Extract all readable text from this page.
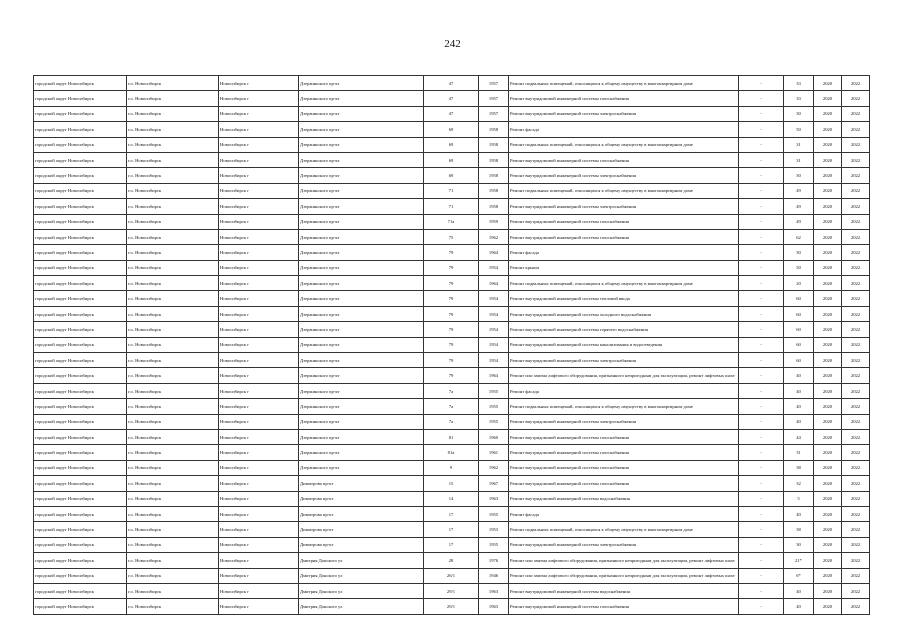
242
городской округ Новосибирск	г.о. Новосибирск	Новосибирск г	Дзержинского пр-кт	47	1957	Ремонт подвальных помещений, относящихся к общему имуществу в многоквартирном доме	-	33	2020	2022
городской округ Новосибирск	г.о. Новосибирск	Новосибирск г	Дзержинского пр-кт	47	1957	Ремонт внутридомовой инженерной системы газоснабжения	-	33	2020	2022
городской округ Новосибирск	г.о. Новосибирск	Новосибирск г	Дзержинского пр-кт	47	1957	Ремонт внутридомовой инженерной системы электроснабжения	-	30	2020	2022
городской округ Новосибирск	г.о. Новосибирск	Новосибирск г	Дзержинского пр-кт	69	1958	Ремонт фасада	-	50	2020	2022
городской округ Новосибирск	г.о. Новосибирск	Новосибирск г	Дзержинского пр-кт	69	1958	Ремонт подвальных помещений, относящихся к общему имуществу в многоквартирном доме	-	31	2020	2022
городской округ Новосибирск	г.о. Новосибирск	Новосибирск г	Дзержинского пр-кт	69	1958	Ремонт внутридомовой инженерной системы газоснабжения	-	31	2020	2022
городской округ Новосибирск	г.о. Новосибирск	Новосибирск г	Дзержинского пр-кт	69	1958	Ремонт внутридомовой инженерной системы электроснабжения	-	30	2020	2022
городской округ Новосибирск	г.о. Новосибирск	Новосибирск г	Дзержинского пр-кт	71	1958	Ремонт подвальных помещений, относящихся к общему имуществу в многоквартирном доме	-	49	2020	2022
городской округ Новосибирск	г.о. Новосибирск	Новосибирск г	Дзержинского пр-кт	71	1958	Ремонт внутридомовой инженерной системы электроснабжения	-	49	2020	2022
городской округ Новосибирск	г.о. Новосибирск	Новосибирск г	Дзержинского пр-кт	71а	1959	Ремонт внутридомовой инженерной системы газоснабжения	-	49	2020	2022
городской округ Новосибирск	г.о. Новосибирск	Новосибирск г	Дзержинского пр-кт	75	1962	Ремонт внутридомовой инженерной системы газоснабжения	-	62	2020	2022
городской округ Новосибирск	г.о. Новосибирск	Новосибирск г	Дзержинского пр-кт	79	1964	Ремонт фасада	-	30	2020	2022
городской округ Новосибирск	г.о. Новосибирск	Новосибирск г	Дзержинского пр-кт	79	1954	Ремонт крыши	-	50	2020	2022
городской округ Новосибирск	г.о. Новосибирск	Новосибирск г	Дзержинского пр-кт	79	1964	Ремонт подвальных помещений, относящихся к общему имуществу в многоквартирном доме	-	20	2020	2022
городской округ Новосибирск	г.о. Новосибирск	Новосибирск г	Дзержинского пр-кт	79	1954	Ремонт внутридомовой инженерной системы тепловой ввода	-	60	2020	2022
городской округ Новосибирск	г.о. Новосибирск	Новосибирск г	Дзержинского пр-кт	79	1954	Ремонт внутридомовой инженерной системы холодного водоснабжения	-	60	2020	2022
городской округ Новосибирск	г.о. Новосибирск	Новосибирск г	Дзержинского пр-кт	79	1954	Ремонт внутридомовой инженерной системы горячего водоснабжения	-	60	2020	2022
городской округ Новосибирск	г.о. Новосибирск	Новосибирск г	Дзержинского пр-кт	79	1954	Ремонт внутридомовой инженерной системы канализования и водоотведения	-	60	2020	2022
городской округ Новосибирск	г.о. Новосибирск	Новосибирск г	Дзержинского пр-кт	79	1954	Ремонт внутридомовой инженерной системы электроснабжения	-	60	2020	2022
городской округ Новосибирск	г.о. Новосибирск	Новосибирск г	Дзержинского пр-кт	79	1964	Ремонт или замена лифтового оборудования, признанного непригодным для эксплуатации, ремонт лифтовых шахт	-	40	2020	2022
городской округ Новосибирск	г.о. Новосибирск	Новосибирск г	Дзержинского пр-кт	7а	1955	Ремонт фасада	-	40	2020	2022
городской округ Новосибирск	г.о. Новосибирск	Новосибирск г	Дзержинского пр-кт	7а	1955	Ремонт подвальных помещений, относящихся к общему имуществу в многоквартирном доме	-	40	2020	2022
городской округ Новосибирск	г.о. Новосибирск	Новосибирск г	Дзержинского пр-кт	7а	1955	Ремонт внутридомовой инженерной системы электроснабжения	-	40	2020	2022
городской округ Новосибирск	г.о. Новосибирск	Новосибирск г	Дзержинского пр-кт	81	1960	Ремонт внутридомовой инженерной системы газоснабжения	-	44	2020	2022
городской округ Новосибирск	г.о. Новосибирск	Новосибирск г	Дзержинского пр-кт	81а	1961	Ремонт внутридомовой инженерной системы газоснабжения	-	31	2020	2022
городской округ Новосибирск	г.о. Новосибирск	Новосибирск г	Дзержинского пр-кт	9	1962	Ремонт внутридомовой инженерной системы газоснабжения	-	38	2020	2022
городской округ Новосибирск	г.о. Новосибирск	Новосибирск г	Димитрова пр-кт	15	1967	Ремонт внутридомовой инженерной системы газоснабжения	-	32	2020	2022
городской округ Новосибирск	г.о. Новосибирск	Новосибирск г	Димитрова пр-кт	14	1963	Ремонт внутридомовой инженерной системы водоснабжения	-	5	2020	2022
городской округ Новосибирск	г.о. Новосибирск	Новосибирск г	Димитрова пр-кт	17	1955	Ремонт фасада	-	40	2020	2022
городской округ Новосибирск	г.о. Новосибирск	Новосибирск г	Димитрова пр-кт	17	1953	Ремонт подвальных помещений, относящихся к общему имуществу в многоквартирном доме	-	38	2020	2022
городской округ Новосибирск	г.о. Новосибирск	Новосибирск г	Димитрова пр-кт	17	1955	Ремонт внутридомовой инженерной системы электроснабжения	-	30	2020	2022
городской округ Новосибирск	г.о. Новосибирск	Новосибирск г	Дмитрия Донского ул	28	1976	Ремонт или замена лифтового оборудования, признанного непригодным для эксплуатации, ремонт лифтовых шахт	-	21*	2020	2022
городской округ Новосибирск	г.о. Новосибирск	Новосибирск г	Дмитрия Донского ул	26/1	1946	Ремонт или замена лифтового оборудования, признанного непригодным для эксплуатации, ремонт лифтовых шахт	-	6*	2020	2022
городской округ Новосибирск	г.о. Новосибирск	Новосибирск г	Дмитрия Донского ул	29/1	1963	Ремонт внутридомовой инженерной системы водоснабжения	-	40	2020	2022
городской округ Новосибирск	г.о. Новосибирск	Новосибирск г	Дмитрия Донского ул	29/1	1963	Ремонт внутридомовой инженерной системы газоснабжения	-	40	2020	2022
